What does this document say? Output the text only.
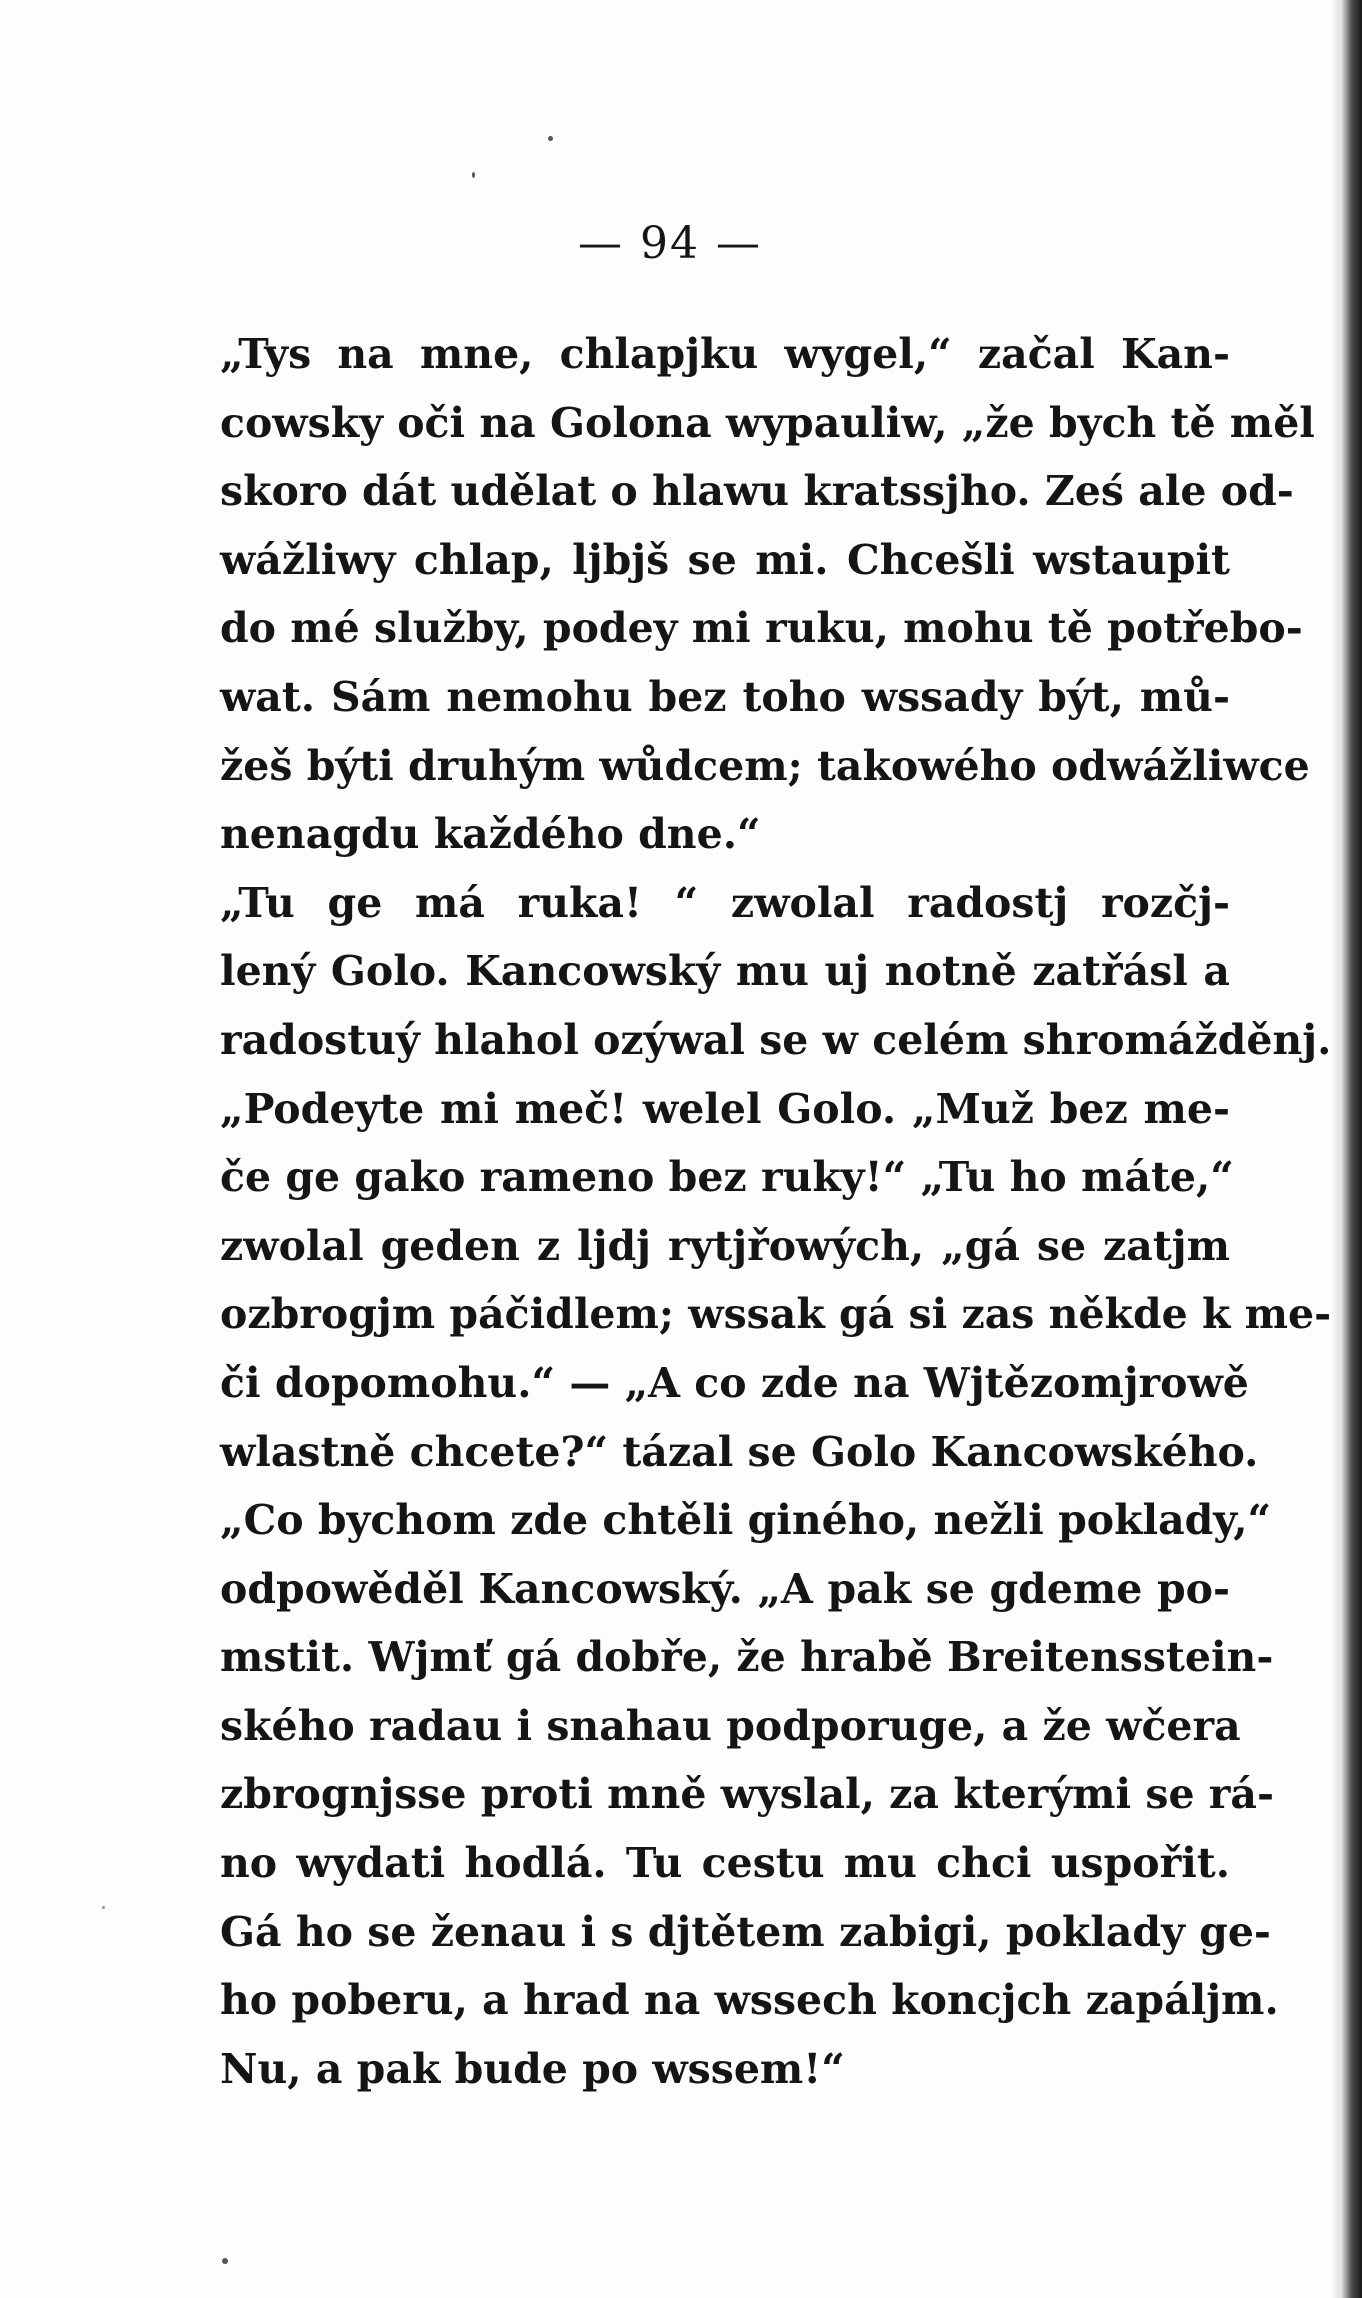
— 94 —
„Tys na mne, chlapjku wygel,“ začal Kan-
cowsky oči na Golona wypauliw, „že bych tě měl
skoro dát udělat o hlawu kratssjho. Ześ ale od-
wážliwy chlap, ljbjš se mi. Chcešli wstaupit
do mé služby, podey mi ruku, mohu tě potřebo-
wat. Sám nemohu bez toho wssady být, mů-
žeš býti druhým wůdcem; takowého odwážliwce
nenagdu každého dne.“
„Tu ge má ruka! “ zwolal radostj rozčj-
lený Golo. Kancowský mu uj notně zatřásl a
radostuý hlahol ozýwal se w celém shromážděnj.
„Podeyte mi meč! welel Golo. „Muž bez me-
če ge gako rameno bez ruky!“ „Tu ho máte,“
zwolal geden z ljdj rytjřowých, „gá se zatjm
ozbrogjm páčidlem; wssak gá si zas někde k me-
či dopomohu.“ — „A co zde na Wjtězomjrowě
wlastně chcete?“ tázal se Golo Kancowského.
„Co bychom zde chtěli giného, nežli poklady,“
odpowěděl Kancowský. „A pak se gdeme po-
mstit. Wjmť gá dobře, že hrabě Breitensstein-
ského radau i snahau podporuge, a že wčera
zbrognjsse proti mně wyslal, za kterými se rá-
no wydati hodlá. Tu cestu mu chci uspořit.
Gá ho se ženau i s djtětem zabigi, poklady ge-
ho poberu, a hrad na wssech koncjch zapáljm.
Nu, a pak bude po wssem!“
